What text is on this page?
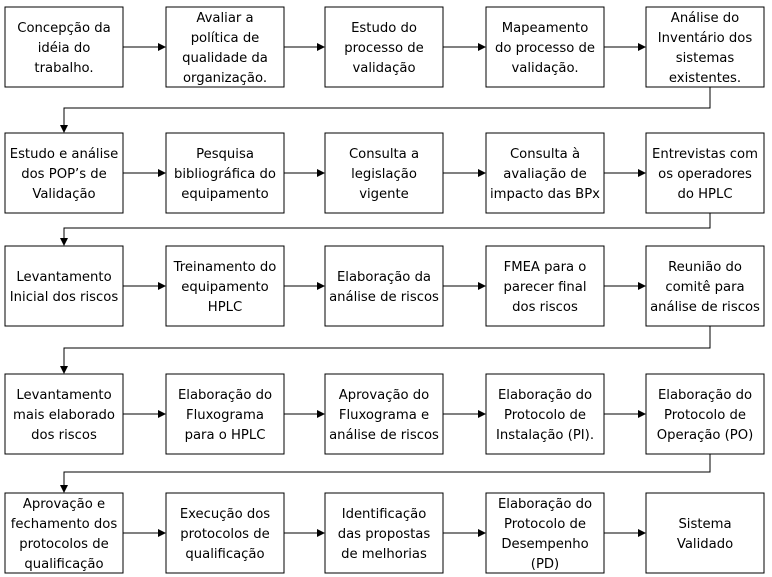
Concepção da
idéia do
trabalho.
Avaliar a
política de
qualidade da
organização.
Estudo do
processo de
validação
Mapeamento
do processo de
validação.
Análise do
Inventário dos
sistemas
existentes.
Estudo e análise
dos POP’s de
Validação
Pesquisa
bibliográfica do
equipamento
Consulta a
legislação
vigente
Consulta à
avaliação de
impacto das BPx
Entrevistas com
os operadores
do HPLC
Levantamento
Inicial dos riscos
Treinamento do
equipamento
HPLC
Elaboração da
análise de riscos
FMEA para o
parecer final
dos riscos
Reunião do
comitê para
análise de riscos
Levantamento
mais elaborado
dos riscos
Elaboração do
Fluxograma
para o HPLC
Aprovação do
Fluxograma e
análise de riscos
Elaboração do
Protocolo de
Instalação (PI).
Elaboração do
Protocolo de
Operação (PO)
Aprovação e
fechamento dos
protocolos de
qualificação
Execução dos
protocolos de
qualificação
Identificação
das propostas
de melhorias
Elaboração do
Protocolo de
Desempenho
(PD)
Sistema
Validado
